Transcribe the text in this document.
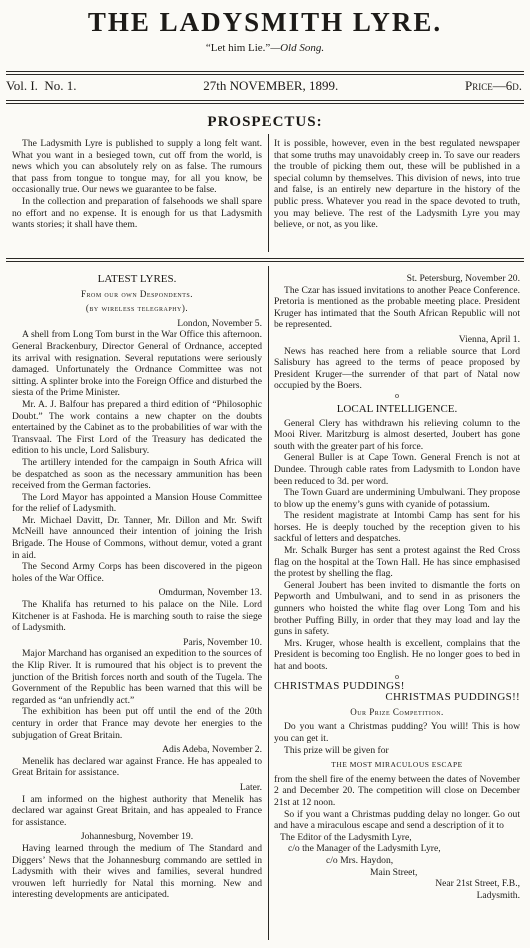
THE LADYSMITH LYRE.
“Let him Lie.”—Old Song.
Vol. I. No. 1.	27th NOVEMBER, 1899.	Price—6d.
PROSPECTUS:

The Ladysmith Lyre is published to supply a long felt want. What you want in a besieged town, cut off from the world, is news which you can absolutely rely on as false. The rumours that pass from tongue to tongue may, for all you know, be occasionally true. Our news we guarantee to be false.

In the collection and preparation of falsehoods we shall spare no effort and no expense. It is enough for us that Ladysmith wants stories; it shall have them.

It is possible, however, even in the best regulated newspaper that some truths may unavoidably creep in. To save our readers the trouble of picking them out, these will be published in a special column by themselves. This division of news, into true and false, is an entirely new departure in the history of the public press. Whatever you read in the space devoted to truth, you may believe. The rest of the Ladysmith Lyre you may believe, or not, as you like.

LATEST LYRES.
From our own Despondents.
(by wireless telegraphy).

London, November 5.

A shell from Long Tom burst in the War Office this afternoon. General Brackenbury, Director General of Ordnance, accepted its arrival with resignation. Several reputations were seriously damaged. Unfortunately the Ordnance Committee was not sitting. A splinter broke into the Foreign Office and disturbed the siesta of the Prime Minister.

Mr. A. J. Balfour has prepared a third edition of “Philosophic Doubt.” The work contains a new chapter on the doubts entertained by the Cabinet as to the probabilities of war with the Transvaal. The First Lord of the Treasury has dedicated the edition to his uncle, Lord Salisbury.

The artillery intended for the campaign in South Africa will be despatched as soon as the necessary ammunition has been received from the German factories.

The Lord Mayor has appointed a Mansion House Committee for the relief of Ladysmith.

Mr. Michael Davitt, Dr. Tanner, Mr. Dillon and Mr. Swift McNeill have announced their intention of joining the Irish Brigade. The House of Commons, without demur, voted a grant in aid.

The Second Army Corps has been discovered in the pigeon holes of the War Office.

Omdurman, November 13.

The Khalifa has returned to his palace on the Nile. Lord Kitchener is at Fashoda. He is marching south to raise the siege of Ladysmith.

Paris, November 10.

Major Marchand has organised an expedition to the sources of the Klip River. It is rumoured that his object is to prevent the junction of the British forces north and south of the Tugela. The Government of the Republic has been warned that this will be regarded as “an unfriendly act.”

The exhibition has been put off until the end of the 20th century in order that France may devote her energies to the subjugation of Great Britain.

Adis Adeba, November 2.

Menelik has declared war against France. He has appealed to Great Britain for assistance.

Later.

I am informed on the highest authority that Menelik has declared war against Great Britain, and has appealed to France for assistance.

Johannesburg, November 19.

Having learned through the medium of The Standard and Diggers’ News that the Johannesburg commando are settled in Ladysmith with their wives and families, several hundred vrouwen left hurriedly for Natal this morning. New and interesting developments are anticipated.

St. Petersburg, November 20.

The Czar has issued invitations to another Peace Conference. Pretoria is mentioned as the probable meeting place. President Kruger has intimated that the South African Republic will not be represented.

Vienna, April 1.

News has reached here from a reliable source that Lord Salisbury has agreed to the terms of peace proposed by President Kruger—the surrender of that part of Natal now occupied by the Boers.

o
LOCAL INTELLIGENCE.

General Clery has withdrawn his relieving column to the Mooi River. Maritzburg is almost deserted, Joubert has gone south with the greater part of his force.

General Buller is at Cape Town. General French is not at Dundee. Through cable rates from Ladysmith to London have been reduced to 3d. per word.

The Town Guard are undermining Umbulwani. They propose to blow up the enemy’s guns with cyanide of potassium.

The resident magistrate at Intombi Camp has sent for his horses. He is deeply touched by the reception given to his sackful of letters and despatches.

Mr. Schalk Burger has sent a protest against the Red Cross flag on the hospital at the Town Hall. He has since emphasised the protest by shelling the flag.

General Joubert has been invited to dismantle the forts on Pepworth and Umbulwani, and to send in as prisoners the gunners who hoisted the white flag over Long Tom and his brother Puffing Billy, in order that they may load and lay the guns in safety.

Mrs. Kruger, whose health is excellent, complains that the President is becoming too English. He no longer goes to bed in hat and boots.

o

CHRISTMAS PUDDINGS!

CHRISTMAS PUDDINGS!!

Our Prize Competition.

Do you want a Christmas pudding? You will! This is how you can get it.

This prize will be given for

THE MOST MIRACULOUS ESCAPE

from the shell fire of the enemy between the dates of November 2 and December 20. The competition will close on December 21st at 12 noon.

So if you want a Christmas pudding delay no longer. Go out and have a miraculous escape and send a description of it to

The Editor of the Ladysmith Lyre,

c/o the Manager of the Ladysmith Lyre,

c/o Mrs. Haydon,

Main Street,

Near 21st Street, F.B.,

Ladysmith.
